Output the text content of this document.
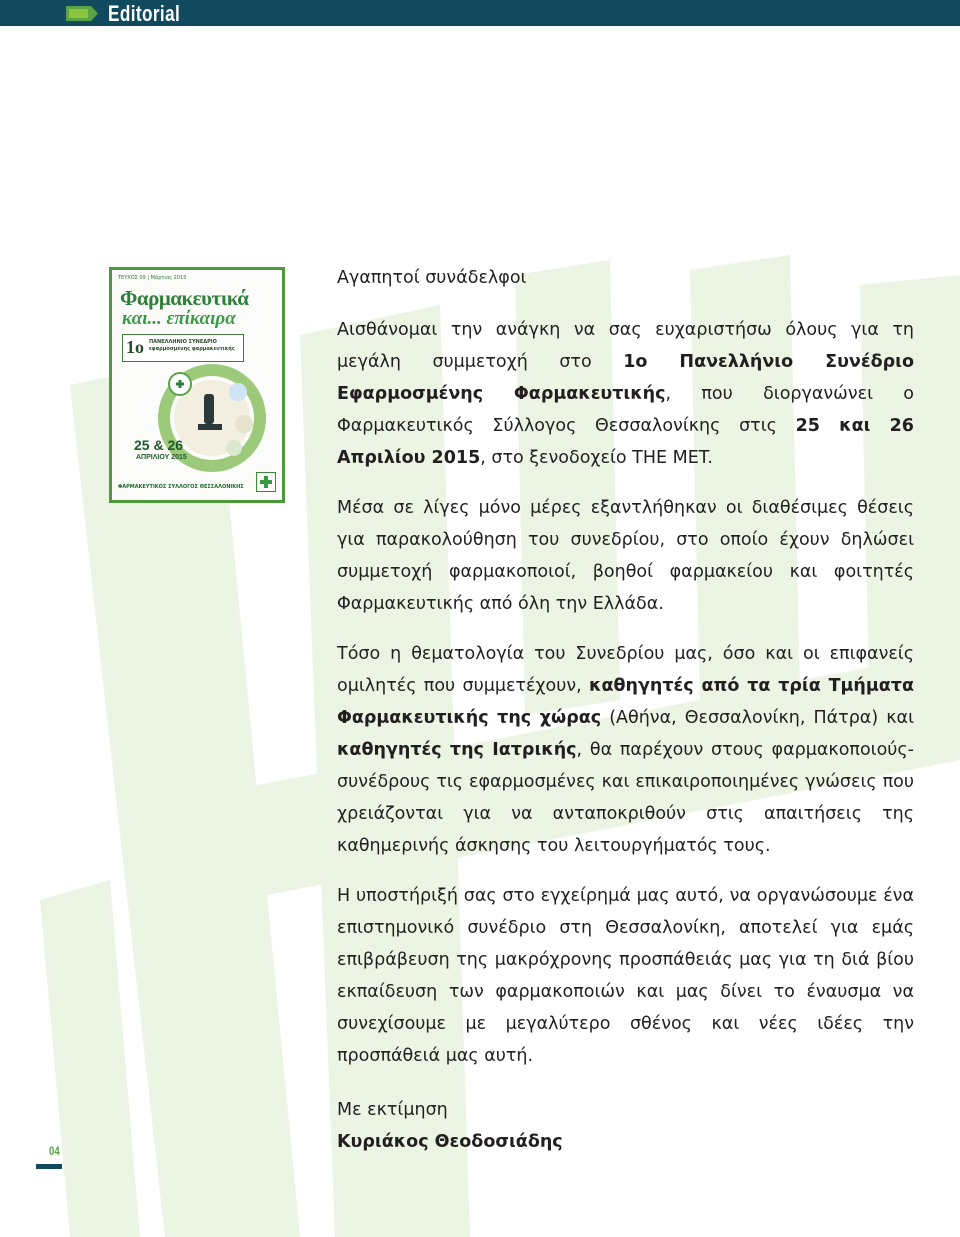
Editorial
ΤΕΥΧΟΣ 09 | Μάρτιος 2015
Φαρμακευτικά
και... επίκαιρα
1ο ΠΑΝΕΛΛΗΝΙΟ ΣΥΝΕΔΡΙΟ
εφαρμοσμένης φαρμακευτικής
25 & 26
ΑΠΡΙΛΙΟΥ 2015
ΦΑΡΜΑΚΕΥΤΙΚΟΣ ΣΥΛΛΟΓΟΣ ΘΕΣΣΑΛΟΝΙΚΗΣ

Αγαπητοί συνάδελφοι

Αισθάνομαι την ανάγκη να σας ευχαριστήσω όλους για τη μεγάλη συμμετοχή στο 1ο Πανελλήνιο Συνέδριο Εφαρμοσμένης Φαρμακευτικής, που διοργανώνει ο Φαρμακευτικός Σύλλογος Θεσσαλονίκης στις 25 και 26 Απριλίου 2015, στο ξενοδοχείο THE MET.

Μέσα σε λίγες μόνο μέρες εξαντλήθηκαν οι διαθέσιμες θέσεις για παρακολούθηση του συνεδρίου, στο οποίο έχουν δηλώσει συμμετοχή φαρμακοποιοί, βοηθοί φαρμακείου και φοιτητές Φαρμακευτικής από όλη την Ελλάδα.

Τόσο η θεματολογία του Συνεδρίου μας, όσο και οι επιφανείς ομιλητές που συμμετέχουν, καθηγητές από τα τρία Τμήματα Φαρμακευτικής της χώρας (Αθήνα, Θεσσαλονίκη, Πάτρα) και καθηγητές της Ιατρικής, θα παρέχουν στους φαρμακοποιούς-συνέδρους τις εφαρμοσμένες και επικαιροποιημένες γνώσεις που χρειάζονται για να ανταποκριθούν στις απαιτήσεις της καθημερινής άσκησης του λειτουργήματός τους.

Η υποστήριξή σας στο εγχείρημά μας αυτό, να οργανώσουμε ένα επιστημονικό συνέδριο στη Θεσσαλονίκη, αποτελεί για εμάς επιβράβευση της μακρόχρονης προσπάθειάς μας για τη διά βίου εκπαίδευση των φαρμακοποιών και μας δίνει το έναυσμα να συνεχίσουμε με μεγαλύτερο σθένος και νέες ιδέες την προσπάθειά μας αυτή.

Με εκτίμηση

Κυριάκος Θεοδοσιάδης

04
